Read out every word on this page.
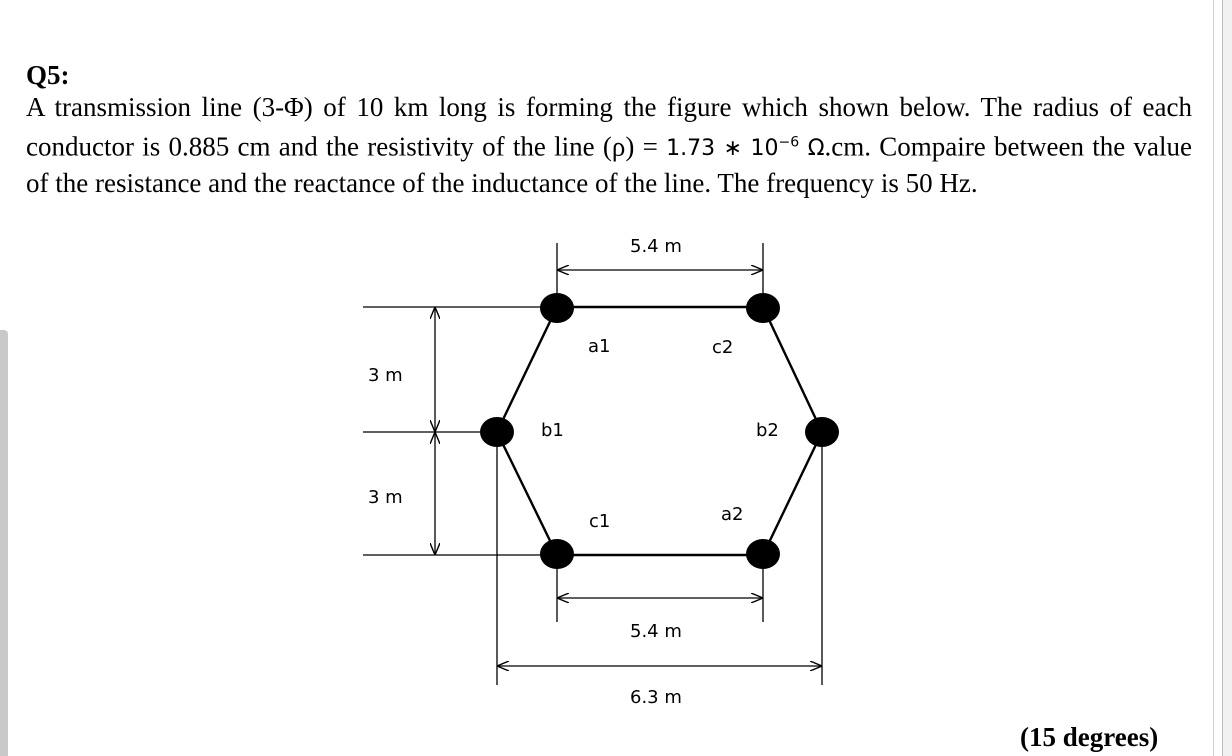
Q5:
A transmission line (3-Φ) of 10 km long is forming the figure which shown below. The radius of each conductor is 0.885 cm and the resistivity of the line (ρ) = 1.73 ∗ $10^{-6}$ Ω.cm. Compaire between the value of the resistance and the reactance of the inductance of the line. The frequency is 50 Hz.
5.4 m
5.4 m
6.3 m
3 m
3 m
a1	c2
b1	b2
c1	a2
(15 degrees)
